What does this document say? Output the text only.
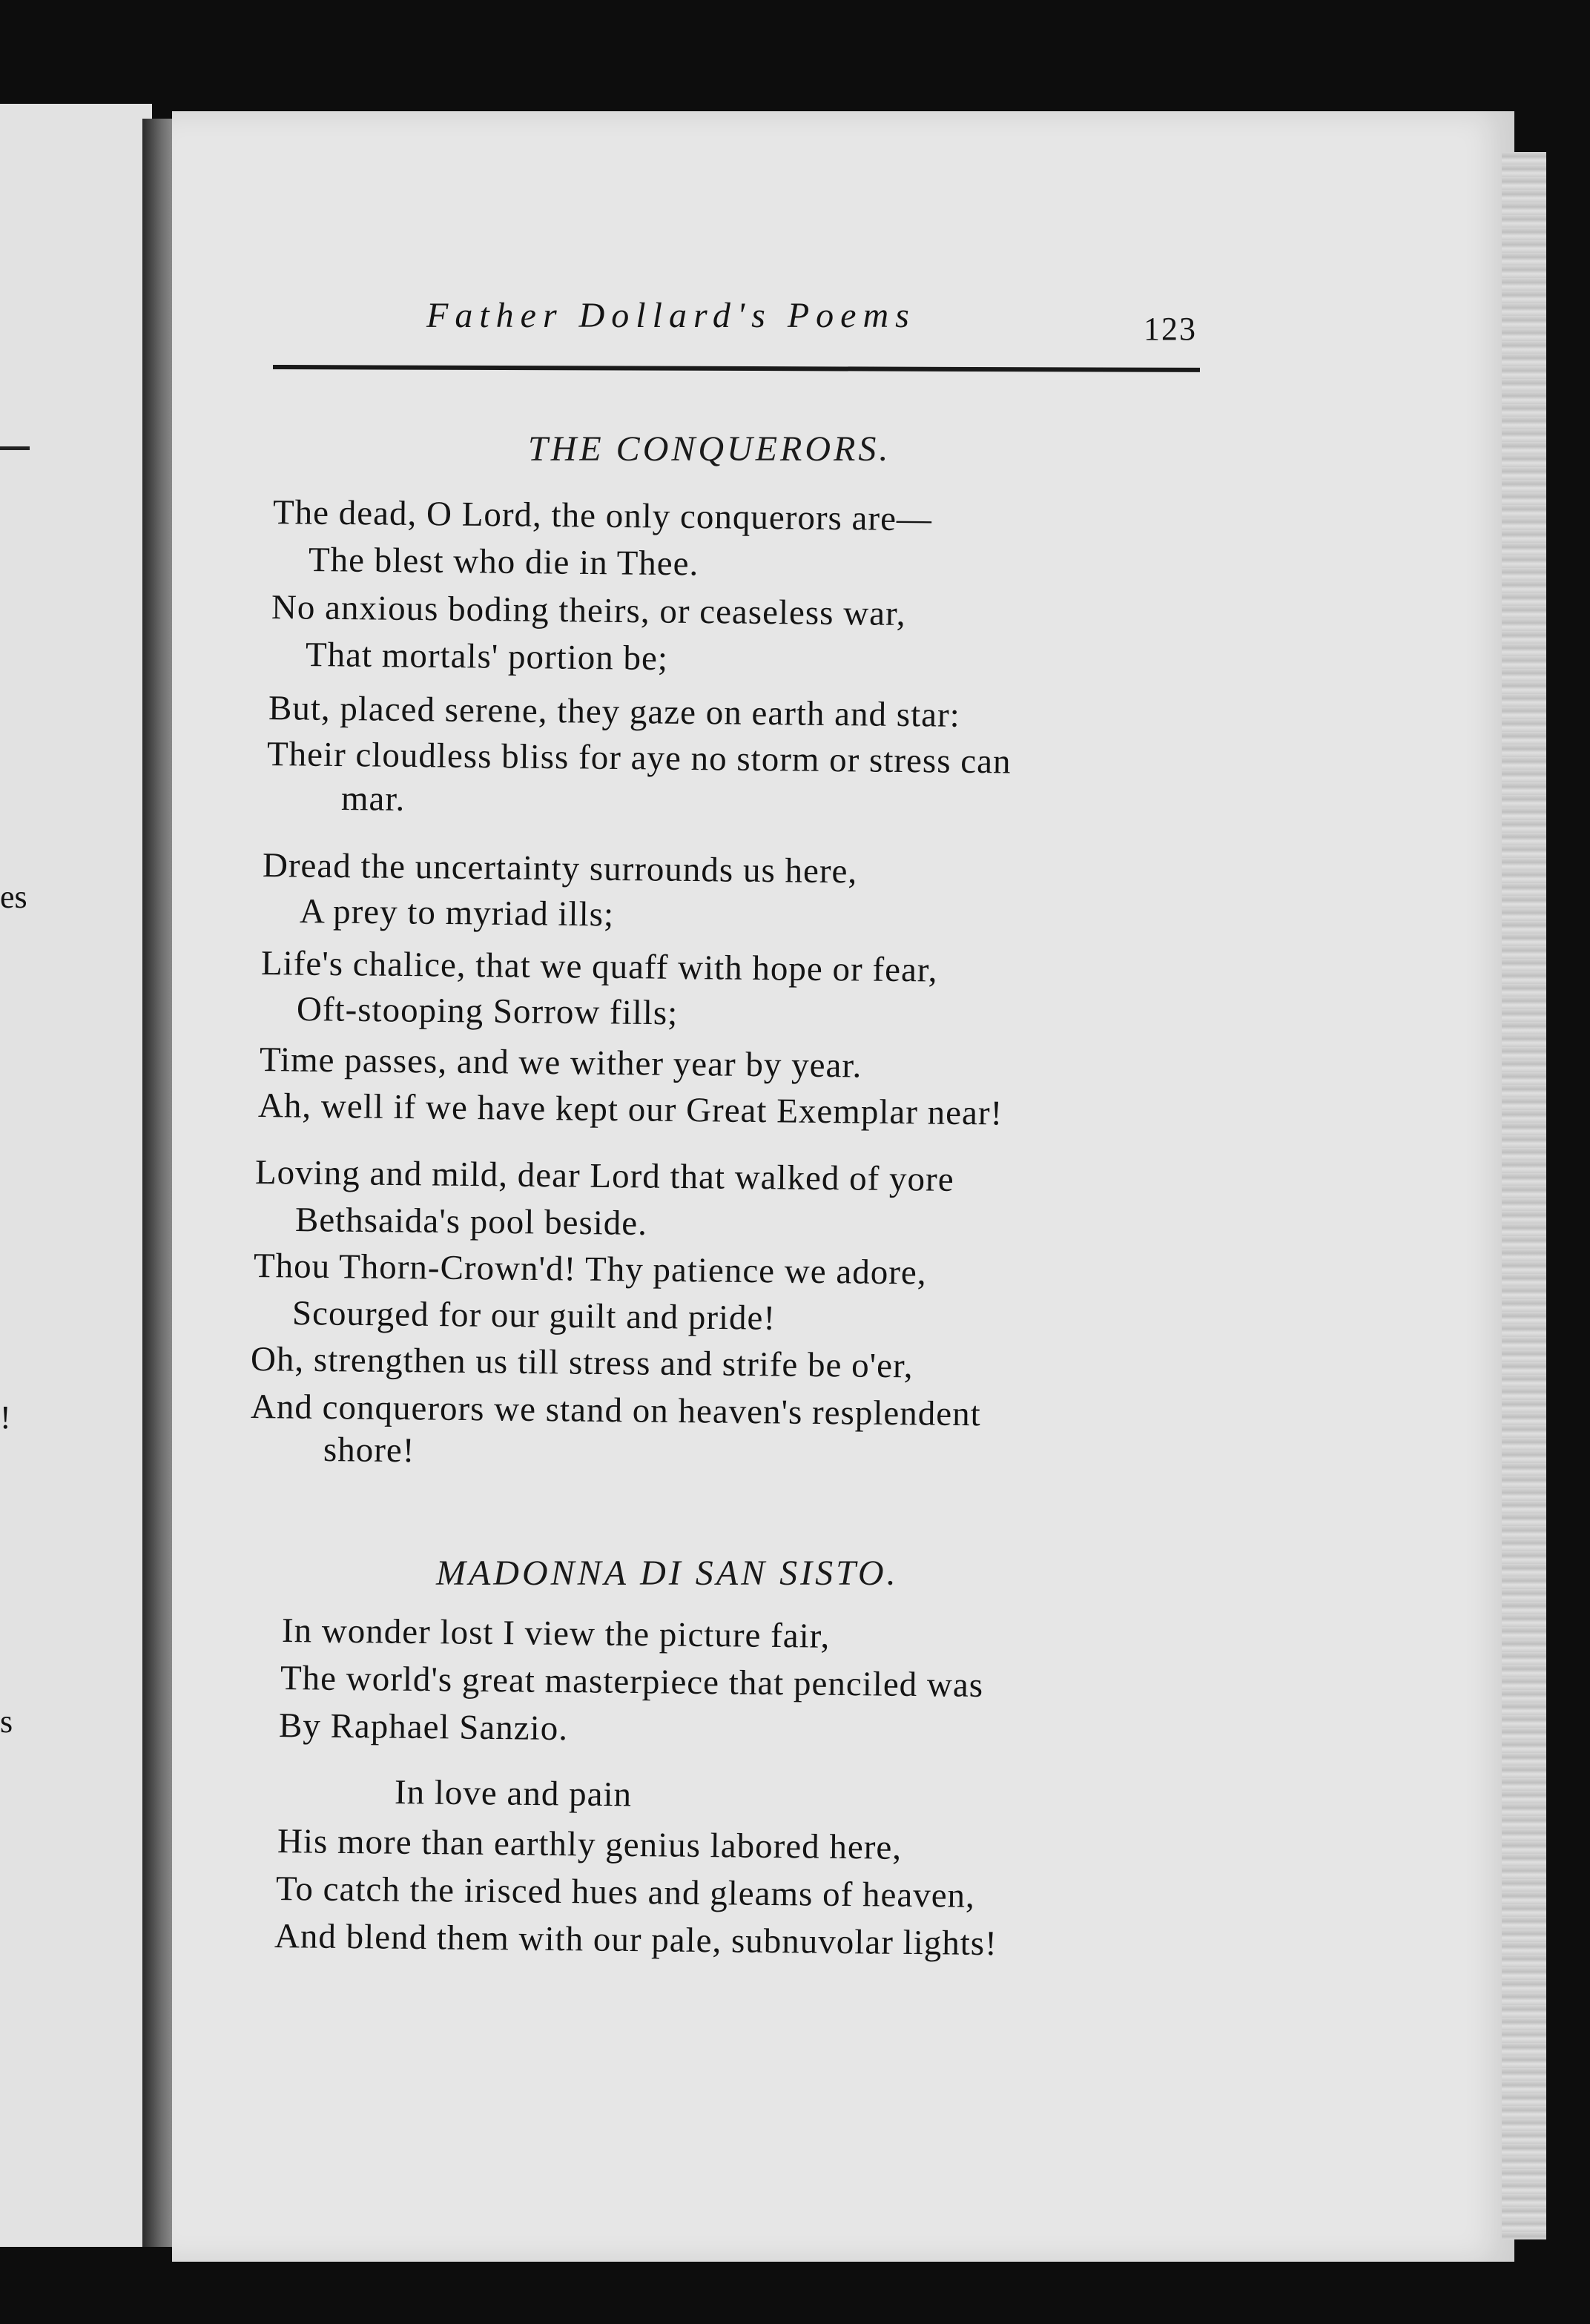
es
!
s
Father Dollard's Poems	123
THE CONQUERORS.
The dead, O Lord, the only conquerors are—
The blest who die in Thee.
No anxious boding theirs, or ceaseless war,
That mortals' portion be;
But, placed serene, they gaze on earth and star:
Their cloudless bliss for aye no storm or stress can
mar.
Dread the uncertainty surrounds us here,
A prey to myriad ills;
Life's chalice, that we quaff with hope or fear,
Oft-stooping Sorrow fills;
Time passes, and we wither year by year.
Ah, well if we have kept our Great Exemplar near!
Loving and mild, dear Lord that walked of yore
Bethsaida's pool beside.
Thou Thorn-Crown'd! Thy patience we adore,
Scourged for our guilt and pride!
Oh, strengthen us till stress and strife be o'er,
And conquerors we stand on heaven's resplendent
shore!
MADONNA DI SAN SISTO.
In wonder lost I view the picture fair,
The world's great masterpiece that penciled was
By Raphael Sanzio.
In love and pain
His more than earthly genius labored here,
To catch the irisced hues and gleams of heaven,
And blend them with our pale, subnuvolar lights!
